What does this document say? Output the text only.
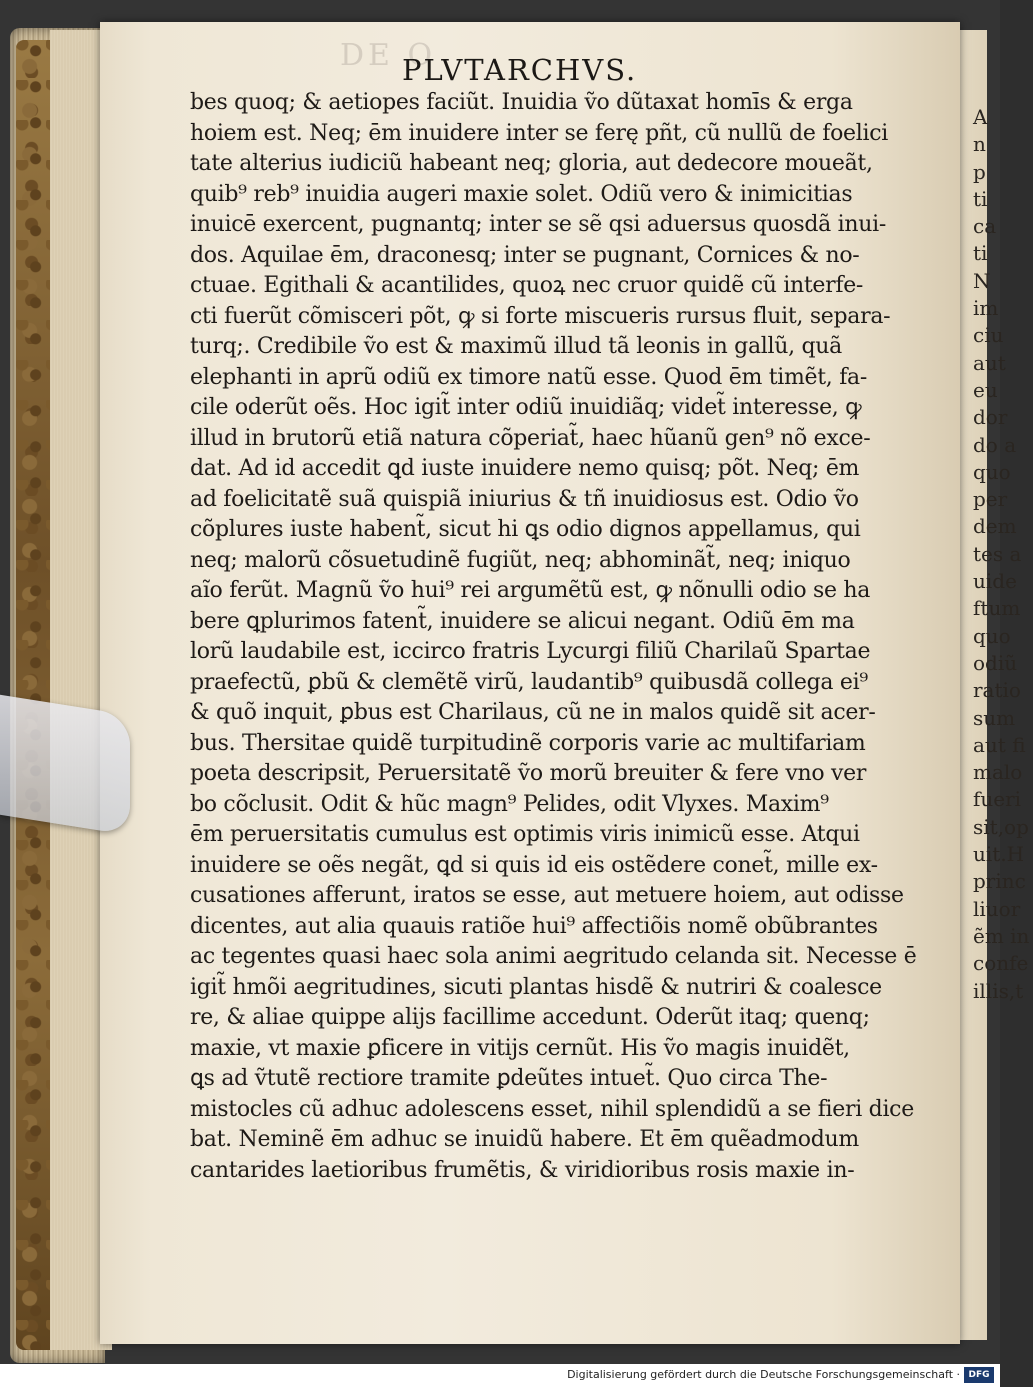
A
n
p
ti
ca
ti
N
im
ciu
aut
eu
dor
do a
quo
per
dem
tes a
uide
ftum
quo
odiũ
ratio
sum
aut fi
malo
fueri
sit,op
uit.H
princ
liuor
ẽm in
confe
illis,t
DE O
PLVTARCHVS.
bes quoq; & aetiopes faciũt. Inuidia ṽo dũtaxat homīs & erga
hoiem est. Neq; ēm inuidere inter se ferę pñt, cũ nullũ de foelici
tate alterius iudiciũ habeant neq; gloria, aut dedecore moueãt,
quib⁹ reb⁹ inuidia augeri maxie solet. Odiũ vero & inimicitias
inuicē exercent, pugnantq; inter se sẽ qsi aduersus quosdã inui-
dos. Aquilae ēm, draconesq; inter se pugnant, Cornices & no-
ctuae. Egithali & acantilides, quoꝝ nec cruor quidẽ cũ interfe-
cti fuerũt cõmisceri põt, ꝙ si forte miscueris rursus fluit, separa-
turq;. Credibile ṽo est & maximũ illud tã leonis in gallũ, quã
elephanti in aprũ odiũ ex timore natũ esse. Quod ēm timẽt, fa-
cile oderũt oẽs. Hoc igit̃ inter odiũ inuidiãq; videt̃ interesse, ꝙ
illud in brutorũ etiã natura cõperiat̃, haec hũanũ gen⁹ nõ exce-
dat. Ad id accedit ꝗd iuste inuidere nemo quisq; põt. Neq; ēm
ad foelicitatẽ suã quispiã iniurius & tñ inuidiosus est. Odio ṽo
cõplures iuste habent̃, sicut hi ꝗs odio dignos appellamus, qui
neq; malorũ cõsuetudinẽ fugiũt, neq; abhominãt̃, neq; iniquo
aĩo ferũt. Magnũ ṽo hui⁹ rei argumẽtũ est, ꝙ nõnulli odio se ha
bere ꝗplurimos fatent̃, inuidere se alicui negant. Odiũ ēm ma
lorũ laudabile est, iccirco fratris Lycurgi filiũ Charilaũ Spartae
praefectũ, ꝑbũ & clemẽtẽ virũ, laudantib⁹ quibusdã collega ei⁹
& quõ inquit, ꝑbus est Charilaus, cũ ne in malos quidẽ sit acer-
bus. Thersitae quidẽ turpitudinẽ corporis varie ac multifariam
poeta descripsit, Peruersitatẽ ṽo morũ breuiter & fere vno ver
bo cõclusit. Odit & hũc magn⁹ Pelides, odit Vlyxes. Maxim⁹
ēm peruersitatis cumulus est optimis viris inimicũ esse. Atqui
inuidere se oẽs negãt, ꝗd si quis id eis ostẽdere conet̃, mille ex-
cusationes afferunt, iratos se esse, aut metuere hoiem, aut odisse
dicentes, aut alia quauis ratiõe hui⁹ affectiõis nomẽ obũbrantes
ac tegentes quasi haec sola animi aegritudo celanda sit. Necesse ē
igit̃ hmõi aegritudines, sicuti plantas hisdẽ & nutriri & coalesce
re, & aliae quippe alijs facillime accedunt. Oderũt itaq; quenq;
maxie, vt maxie ꝑficere in vitijs cernũt. His ṽo magis inuidẽt,
ꝗs ad ṽtutẽ rectiore tramite ꝑdeũtes intuet̃. Quo circa The-
mistocles cũ adhuc adolescens esset, nihil splendidũ a se fieri dice
bat. Neminẽ ēm adhuc se inuidũ habere. Et ēm quẽadmodum
cantarides laetioribus frumẽtis, & viridioribus rosis maxie in-
Digitalisierung gefördert durch die Deutsche Forschungsgemeinschaft · DFG
